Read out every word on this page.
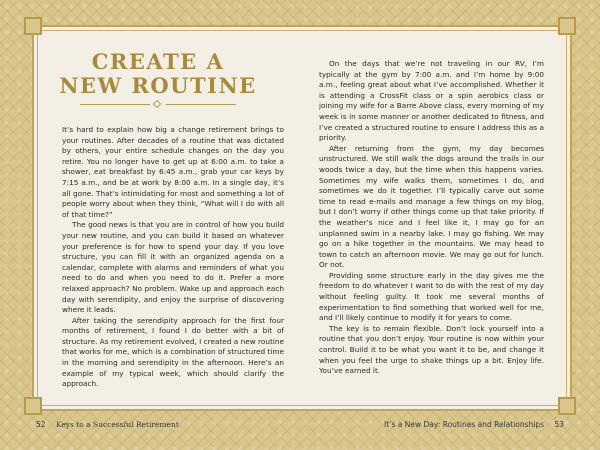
CREATE A
NEW ROUTINE

It’s hard to explain how big a change retirement brings to your routines. After decades of a routine that was dictated by others, your entire schedule changes on the day you retire. You no longer have to get up at 6:00 a.m. to take a shower, eat breakfast by 6:45 a.m., grab your car keys by 7:15 a.m., and be at work by 8:00 a.m. In a single day, it’s all gone. That’s intimidating for most and something a lot of people worry about when they think, “What will I do with all of that time?”

The good news is that you are in control of how you build your new routine, and you can build it based on whatever your preference is for how to spend your day. If you love structure, you can fill it with an organized agenda on a calendar, complete with alarms and reminders of what you need to do and when you need to do it. Prefer a more relaxed approach? No problem. Wake up and approach each day with serendipity, and enjoy the surprise of discovering where it leads.

After taking the serendipity approach for the first four months of retirement, I found I do better with a bit of structure. As my retirement evolved, I created a new routine that works for me, which is a combination of structured time in the morning and serendipity in the afternoon. Here’s an example of my typical week, which should clarify the approach.

On the days that we’re not traveling in our RV, I’m typically at the gym by 7:00 a.m. and I’m home by 9:00 a.m., feeling great about what I’ve accomplished. Whether it is attending a CrossFit class or a spin aerobics class or joining my wife for a Barre Above class, every morning of my week is in some manner or another dedicated to fitness, and I’ve created a structured routine to ensure I address this as a priority.

After returning from the gym, my day becomes unstructured. We still walk the dogs around the trails in our woods twice a day, but the time when this happens varies. Sometimes my wife walks them, sometimes I do, and sometimes we do it together. I’ll typically carve out some time to read e-mails and manage a few things on my blog, but I don’t worry if other things come up that take priority. If the weather’s nice and I feel like it, I may go for an unplanned swim in a nearby lake. I may go fishing. We may go on a hike together in the mountains. We may head to town to catch an afternoon movie. We may go out for lunch. Or not.

Providing some structure early in the day gives me the freedom to do whatever I want to do with the rest of my day without feeling guilty. It took me several months of experimentation to find something that worked well for me, and I’ll likely continue to modify it for years to come.

The key is to remain flexible. Don’t lock yourself into a routine that you don’t enjoy. Your routine is now within your control. Build it to be what you want it to be, and change it when you feel the urge to shake things up a bit. Enjoy life. You’ve earned it.

52 Keys to a Successful Retirement	It’s a New Day: Routines and Relationships 53
